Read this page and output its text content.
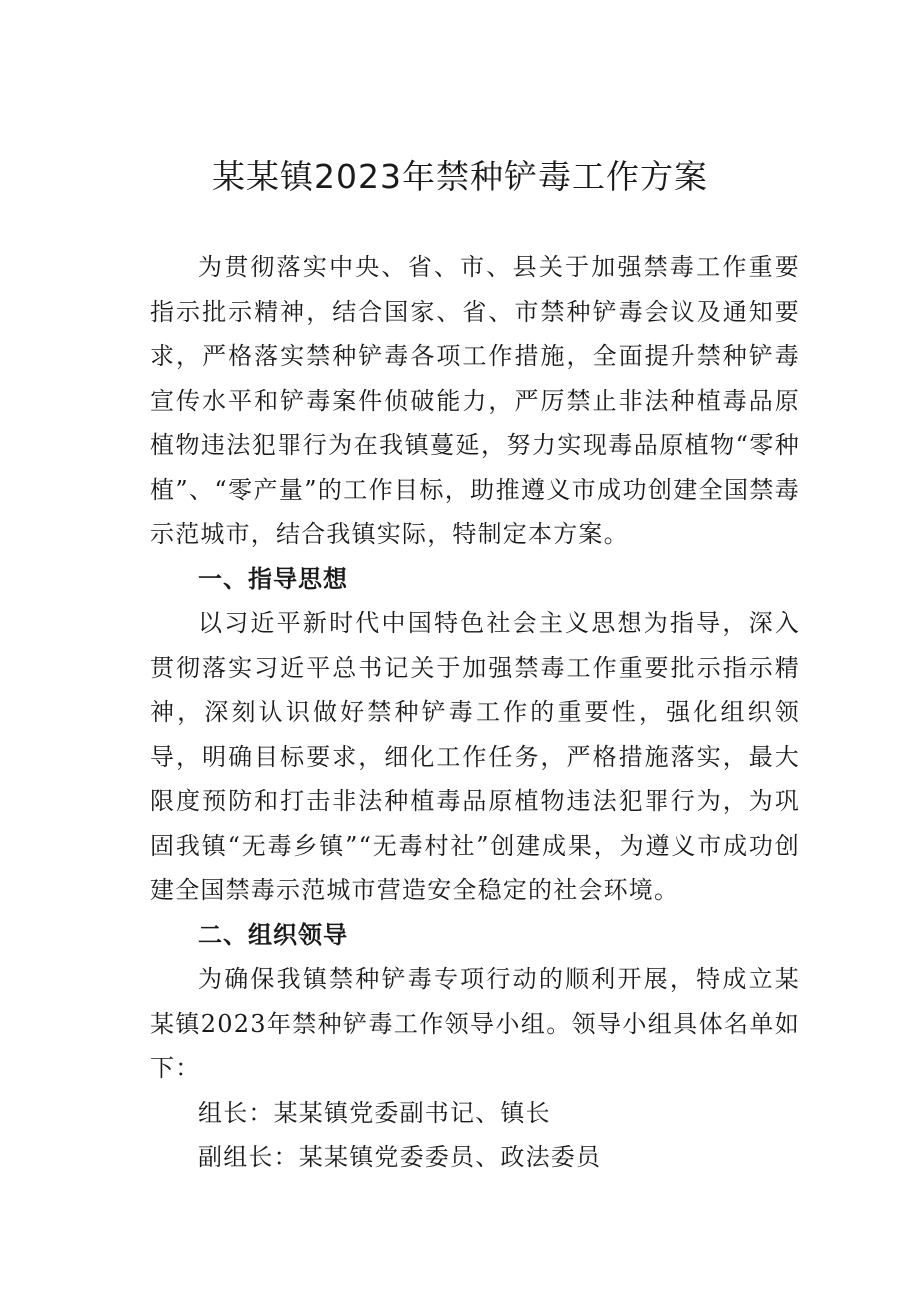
某某镇2023年禁种铲毒工作方案

为贯彻落实中央、省、市、县关于加强禁毒工作重要指示批示精神，结合国家、省、市禁种铲毒会议及通知要求，严格落实禁种铲毒各项工作措施，全面提升禁种铲毒宣传水平和铲毒案件侦破能力，严厉禁止非法种植毒品原植物违法犯罪行为在我镇蔓延，努力实现毒品原植物“零种植”、“零产量”的工作目标，助推遵义市成功创建全国禁毒示范城市，结合我镇实际，特制定本方案。

一、指导思想

以习近平新时代中国特色社会主义思想为指导，深入贯彻落实习近平总书记关于加强禁毒工作重要批示指示精神，深刻认识做好禁种铲毒工作的重要性，强化组织领导，明确目标要求，细化工作任务，严格措施落实，最大限度预防和打击非法种植毒品原植物违法犯罪行为，为巩固我镇“无毒乡镇”“无毒村社”创建成果，为遵义市成功创建全国禁毒示范城市营造安全稳定的社会环境。

二、组织领导

为确保我镇禁种铲毒专项行动的顺利开展，特成立某某镇2023年禁种铲毒工作领导小组。领导小组具体名单如下：

组长：某某镇党委副书记、镇长

副组长：某某镇党委委员、政法委员
